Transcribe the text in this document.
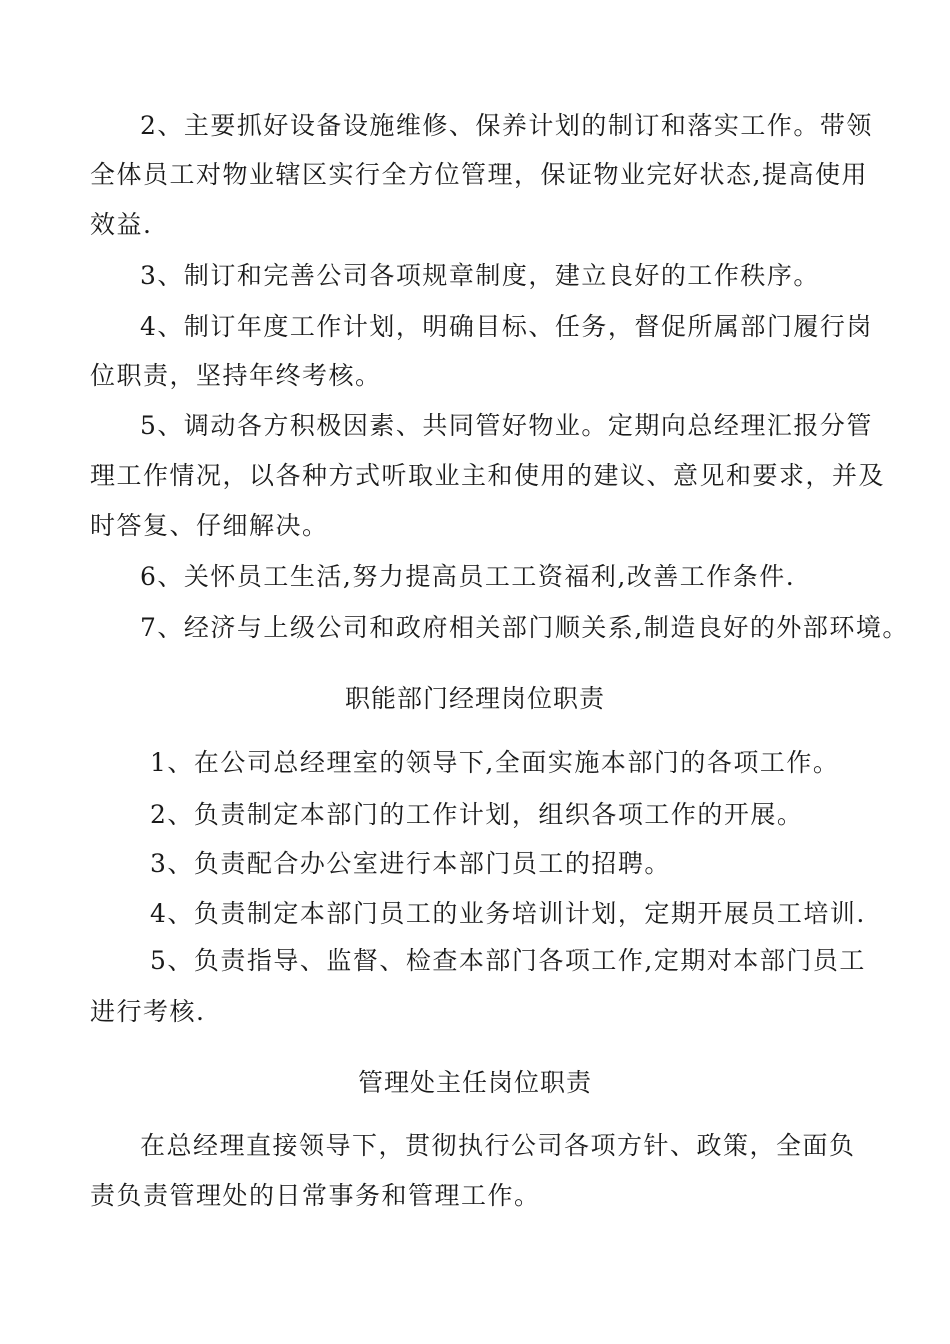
2、主要抓好设备设施维修、保养计划的制订和落实工作。带领
全体员工对物业辖区实行全方位管理，保证物业完好状态,提高使用
效益.
3、制订和完善公司各项规章制度，建立良好的工作秩序。
4、制订年度工作计划，明确目标、任务，督促所属部门履行岗
位职责，坚持年终考核。
5、调动各方积极因素、共同管好物业。定期向总经理汇报分管
理工作情况，以各种方式听取业主和使用的建议、意见和要求，并及
时答复、仔细解决。
6、关怀员工生活,努力提高员工工资福利,改善工作条件.
7、经济与上级公司和政府相关部门顺关系,制造良好的外部环境。
职能部门经理岗位职责
1、在公司总经理室的领导下,全面实施本部门的各项工作。
2、负责制定本部门的工作计划，组织各项工作的开展。
3、负责配合办公室进行本部门员工的招聘。
4、负责制定本部门员工的业务培训计划，定期开展员工培训.
5、负责指导、监督、检查本部门各项工作,定期对本部门员工
进行考核.
管理处主任岗位职责
在总经理直接领导下，贯彻执行公司各项方针、政策，全面负
责负责管理处的日常事务和管理工作。
